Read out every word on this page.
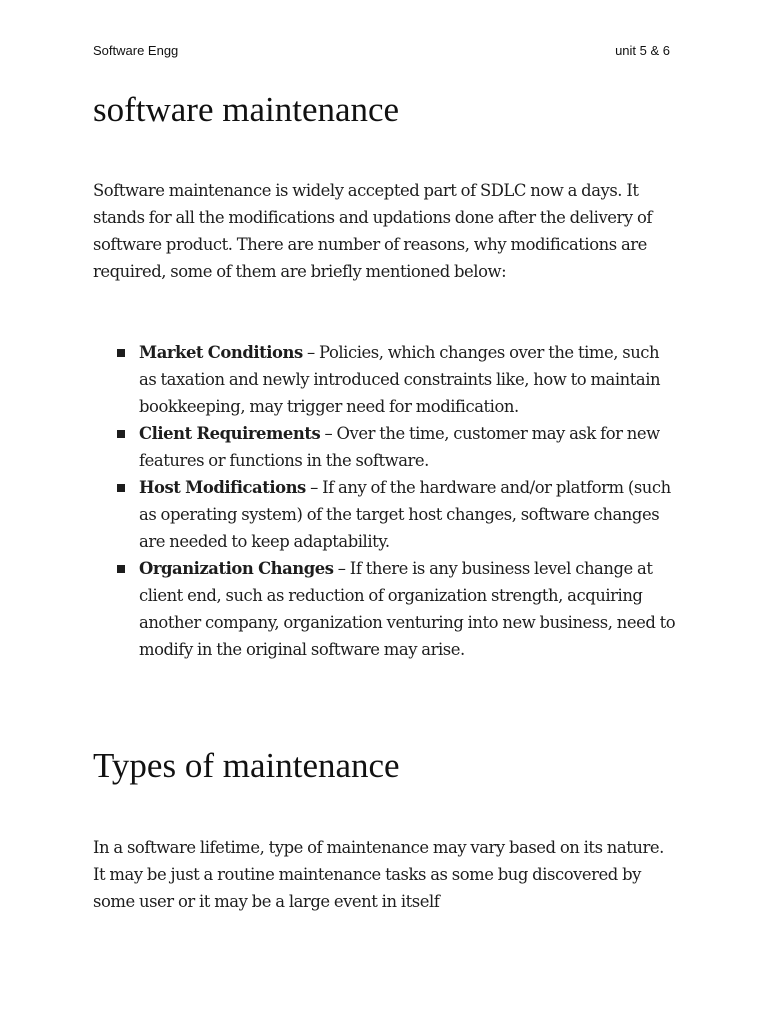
Software Engg	unit 5 & 6
software maintenance

Software maintenance is widely accepted part of SDLC now a days. It stands for all the modifications and updations done after the delivery of software product. There are number of reasons, why modifications are required, some of them are briefly mentioned below:

Market Conditions – Policies, which changes over the time, such as taxation and newly introduced constraints like, how to maintain bookkeeping, may trigger need for modification.
Client Requirements – Over the time, customer may ask for new features or functions in the software.
Host Modifications – If any of the hardware and/or platform (such as operating system) of the target host changes, software changes are needed to keep adaptability.
Organization Changes – If there is any business level change at client end, such as reduction of organization strength, acquiring another company, organization venturing into new business, need to modify in the original software may arise.
Types of maintenance

In a software lifetime, type of maintenance may vary based on its nature. It may be just a routine maintenance tasks as some bug discovered by some user or it may be a large event in itself
